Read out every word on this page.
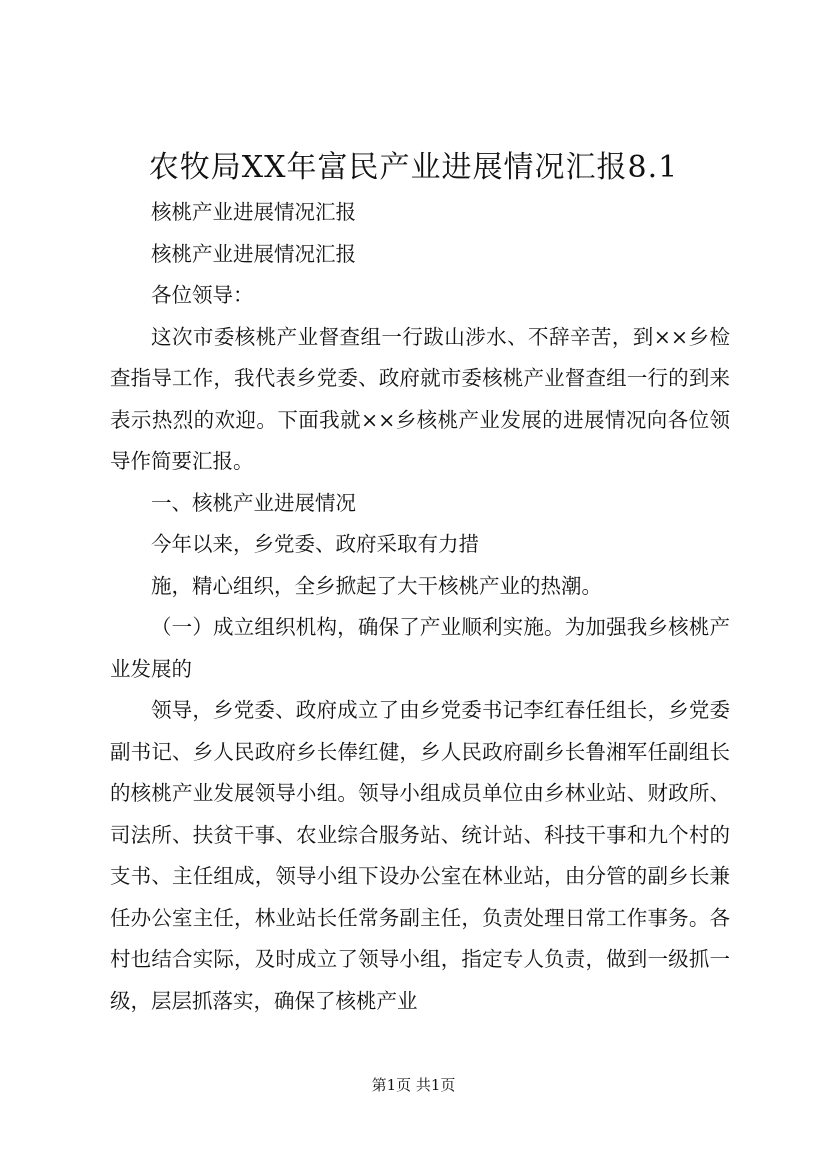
农牧局XX年富民产业进展情况汇报8.1

核桃产业进展情况汇报

核桃产业进展情况汇报

各位领导：

这次市委核桃产业督查组一行跋山涉水、不辞辛苦，到××乡检查指导工作，我代表乡党委、政府就市委核桃产业督查组一行的到来表示热烈的欢迎。下面我就××乡核桃产业发展的进展情况向各位领导作简要汇报。

一、核桃产业进展情况

今年以来，乡党委、政府采取有力措

施，精心组织，全乡掀起了大干核桃产业的热潮。

（一）成立组织机构，确保了产业顺利实施。为加强我乡核桃产业发展的

领导，乡党委、政府成立了由乡党委书记李红春任组长，乡党委副书记、乡人民政府乡长俸红健，乡人民政府副乡长鲁湘军任副组长的核桃产业发展领导小组。领导小组成员单位由乡林业站、财政所、司法所、扶贫干事、农业综合服务站、统计站、科技干事和九个村的支书、主任组成，领导小组下设办公室在林业站，由分管的副乡长兼任办公室主任，林业站长任常务副主任，负责处理日常工作事务。各村也结合实际，及时成立了领导小组，指定专人负责，做到一级抓一级，层层抓落实，确保了核桃产业

第1页 共1页
